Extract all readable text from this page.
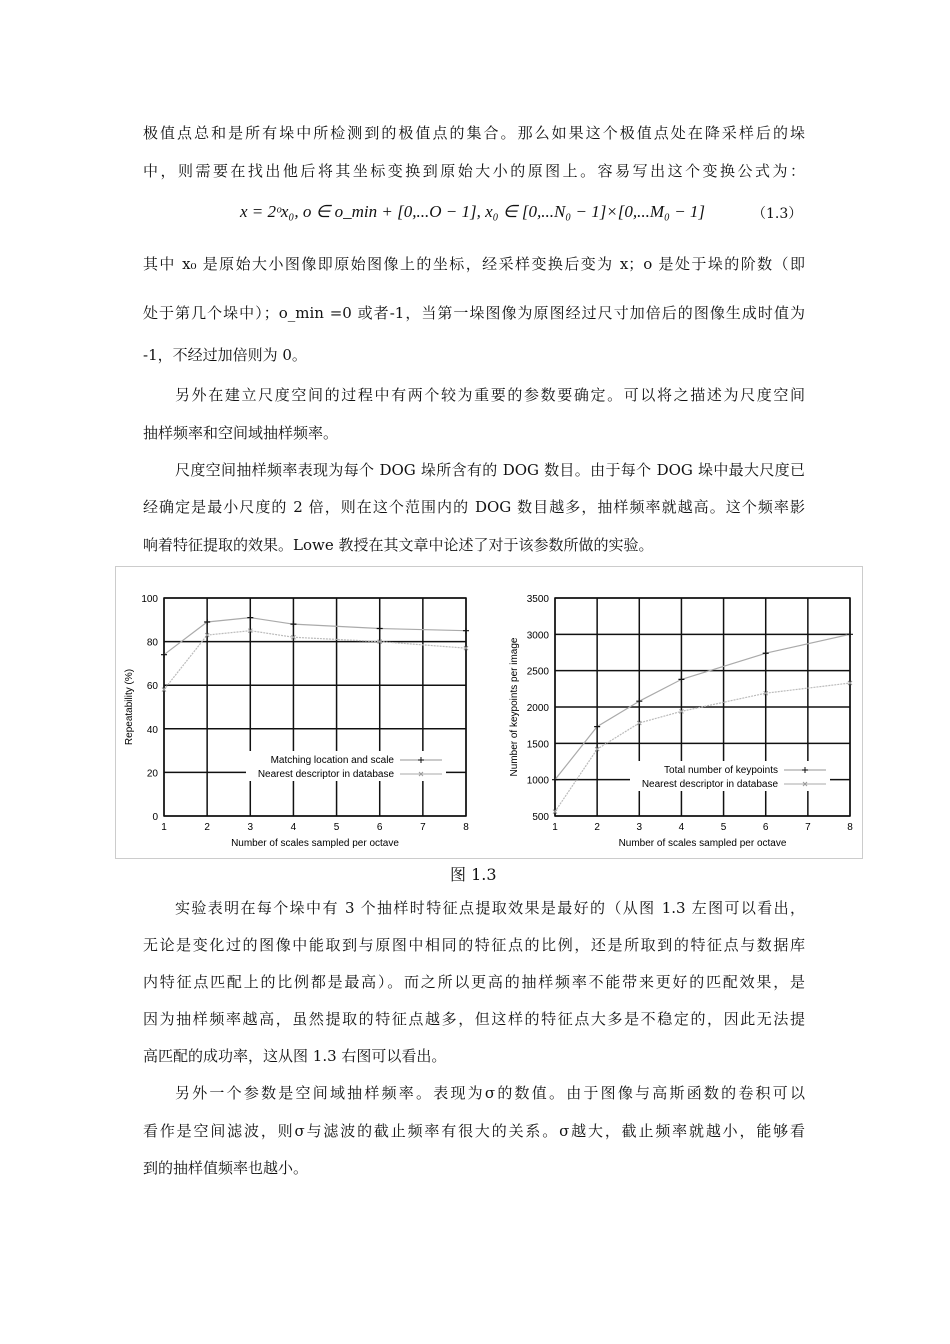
极值点总和是所有垛中所检测到的极值点的集合。那么如果这个极值点处在降采样后的垛
中，则需要在找出他后将其坐标变换到原始大小的原图上。容易写出这个变换公式为：
x = 2ᵒx₀, o ∈ o_min + [0,...O − 1], x₀ ∈ [0,...N₀ − 1]×[0,...M₀ − 1]	（1.3）
其中 x₀ 是原始大小图像即原始图像上的坐标，经采样变换后变为 x；o 是处于垛的阶数（即
处于第几个垛中）；o_min =0 或者-1，当第一垛图像为原图经过尺寸加倍后的图像生成时值为
-1，不经过加倍则为 0。
另外在建立尺度空间的过程中有两个较为重要的参数要确定。可以将之描述为尺度空间
抽样频率和空间域抽样频率。
尺度空间抽样频率表现为每个 DOG 垛所含有的 DOG 数目。由于每个 DOG 垛中最大尺度已
经确定是最小尺度的 2 倍，则在这个范围内的 DOG 数目越多，抽样频率就越高。这个频率影
响着特征提取的效果。Lowe 教授在其文章中论述了对于该参数所做的实验。
1	2	3	4	5	6	7	8
0
20
40
60
80
100
Number of scales sampled per octave
Repeatability (%)
Matching location and scale
Nearest descriptor in database
1	2	3	4	5	6	7	8
500
1000
1500
2000
2500
3000
3500
Number of scales sampled per octave
Number of keypoints per image	Total number of keypoints
Nearest descriptor in database
图 1.3
实验表明在每个垛中有 3 个抽样时特征点提取效果是最好的（从图 1.3 左图可以看出，
无论是变化过的图像中能取到与原图中相同的特征点的比例，还是所取到的特征点与数据库
内特征点匹配上的比例都是最高）。而之所以更高的抽样频率不能带来更好的匹配效果，是
因为抽样频率越高，虽然提取的特征点越多，但这样的特征点大多是不稳定的，因此无法提
高匹配的成功率，这从图 1.3 右图可以看出。
另外一个参数是空间域抽样频率。表现为σ的数值。由于图像与高斯函数的卷积可以
看作是空间滤波，则σ与滤波的截止频率有很大的关系。σ越大，截止频率就越小，能够看
到的抽样值频率也越小。
